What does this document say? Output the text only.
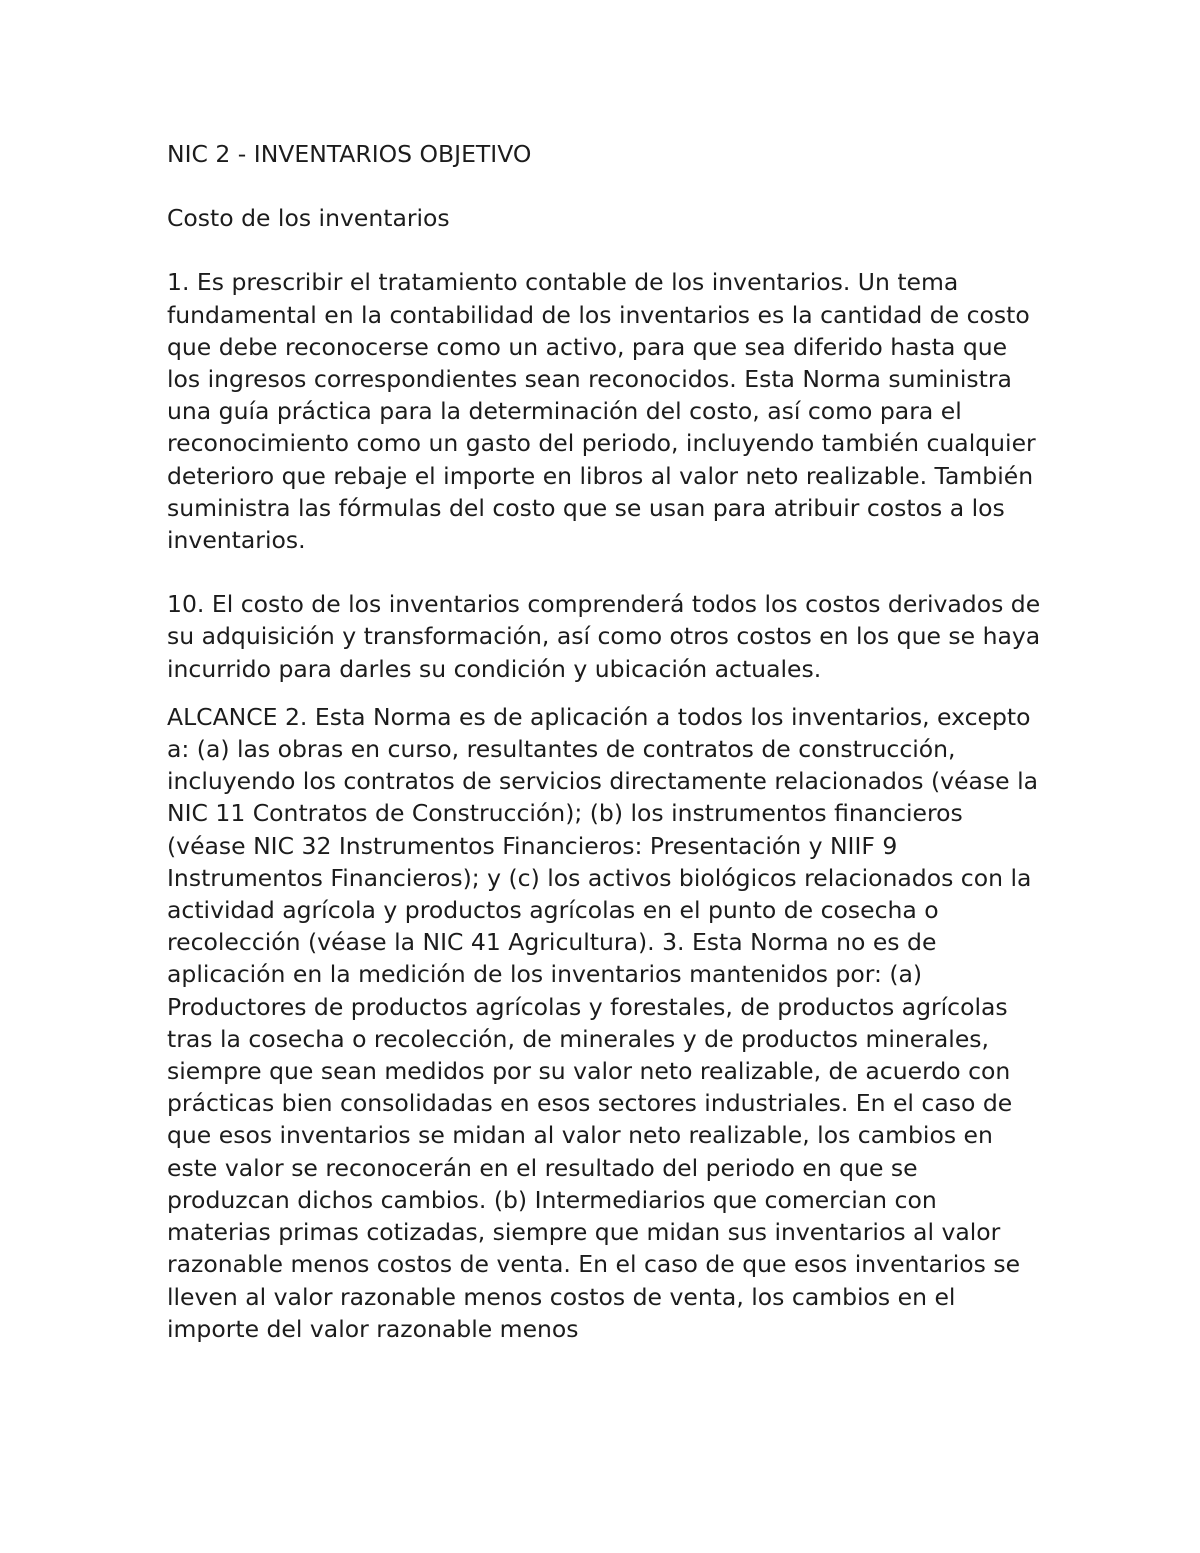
NIC 2 - INVENTARIOS OBJETIVO

Costo de los inventarios

1. Es prescribir el tratamiento contable de los inventarios. Un tema fundamental en la contabilidad de los inventarios es la cantidad de costo que debe reconocerse como un activo, para que sea diferido hasta que los ingresos correspondientes sean reconocidos. Esta Norma suministra una guía práctica para la determinación del costo, así como para el reconocimiento como un gasto del periodo, incluyendo también cualquier deterioro que rebaje el importe en libros al valor neto realizable. También suministra las fórmulas del costo que se usan para atribuir costos a los inventarios.

10. El costo de los inventarios comprenderá todos los costos derivados de su adquisición y transformación, así como otros costos en los que se haya incurrido para darles su condición y ubicación actuales.

ALCANCE 2. Esta Norma es de aplicación a todos los inventarios, excepto a: (a) las obras en curso, resultantes de contratos de construcción, incluyendo los contratos de servicios directamente relacionados (véase la NIC 11 Contratos de Construcción); (b) los instrumentos financieros (véase NIC 32 Instrumentos Financieros: Presentación y NIIF 9 Instrumentos Financieros); y (c) los activos biológicos relacionados con la actividad agrícola y productos agrícolas en el punto de cosecha o recolección (véase la NIC 41 Agricultura). 3. Esta Norma no es de aplicación en la medición de los inventarios mantenidos por: (a) Productores de productos agrícolas y forestales, de productos agrícolas tras la cosecha o recolección, de minerales y de productos minerales, siempre que sean medidos por su valor neto realizable, de acuerdo con prácticas bien consolidadas en esos sectores industriales. En el caso de que esos inventarios se midan al valor neto realizable, los cambios en este valor se reconocerán en el resultado del periodo en que se produzcan dichos cambios. (b) Intermediarios que comercian con materias primas cotizadas, siempre que midan sus inventarios al valor razonable menos costos de venta. En el caso de que esos inventarios se lleven al valor razonable menos costos de venta, los cambios en el importe del valor razonable menos
